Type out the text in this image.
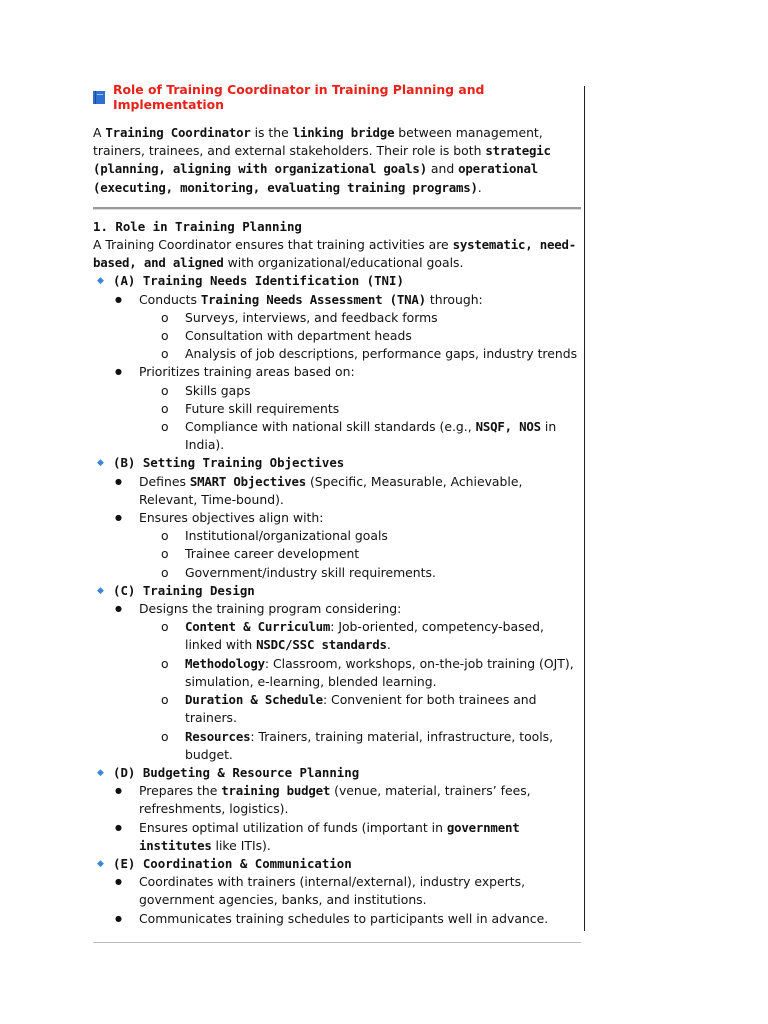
Role of Training Coordinator in Training Planning and Implementation

A Training Coordinator is the linking bridge between management, trainers, trainees, and external stakeholders. Their role is both strategic (planning, aligning with organizational goals) and operational (executing, monitoring, evaluating training programs).

1. Role in Training Planning

A Training Coordinator ensures that training activities are systematic, need-based, and aligned with organizational/educational goals.

◆ (A) Training Needs Identification (TNI)
●	Conducts Training Needs Assessment (TNA) through:
o	Surveys, interviews, and feedback forms
o	Consultation with department heads
o	Analysis of job descriptions, performance gaps, industry trends
●	Prioritizes training areas based on:
o	Skills gaps
o	Future skill requirements
o	Compliance with national skill standards (e.g., NSQF, NOS in India).
◆ (B) Setting Training Objectives
●	Defines SMART Objectives (Specific, Measurable, Achievable, Relevant, Time-bound).
●	Ensures objectives align with:
o	Institutional/organizational goals
o	Trainee career development
o	Government/industry skill requirements.
◆ (C) Training Design
●	Designs the training program considering:
o	Content & Curriculum: Job-oriented, competency-based, linked with NSDC/SSC standards.
o	Methodology: Classroom, workshops, on-the-job training (OJT), simulation, e-learning, blended learning.
o	Duration & Schedule: Convenient for both trainees and trainers.
o	Resources: Trainers, training material, infrastructure, tools, budget.
◆ (D) Budgeting & Resource Planning
●	Prepares the training budget (venue, material, trainers’ fees, refreshments, logistics).
●	Ensures optimal utilization of funds (important in government institutes like ITIs).
◆ (E) Coordination & Communication
●	Coordinates with trainers (internal/external), industry experts, government agencies, banks, and institutions.
●	Communicates training schedules to participants well in advance.
